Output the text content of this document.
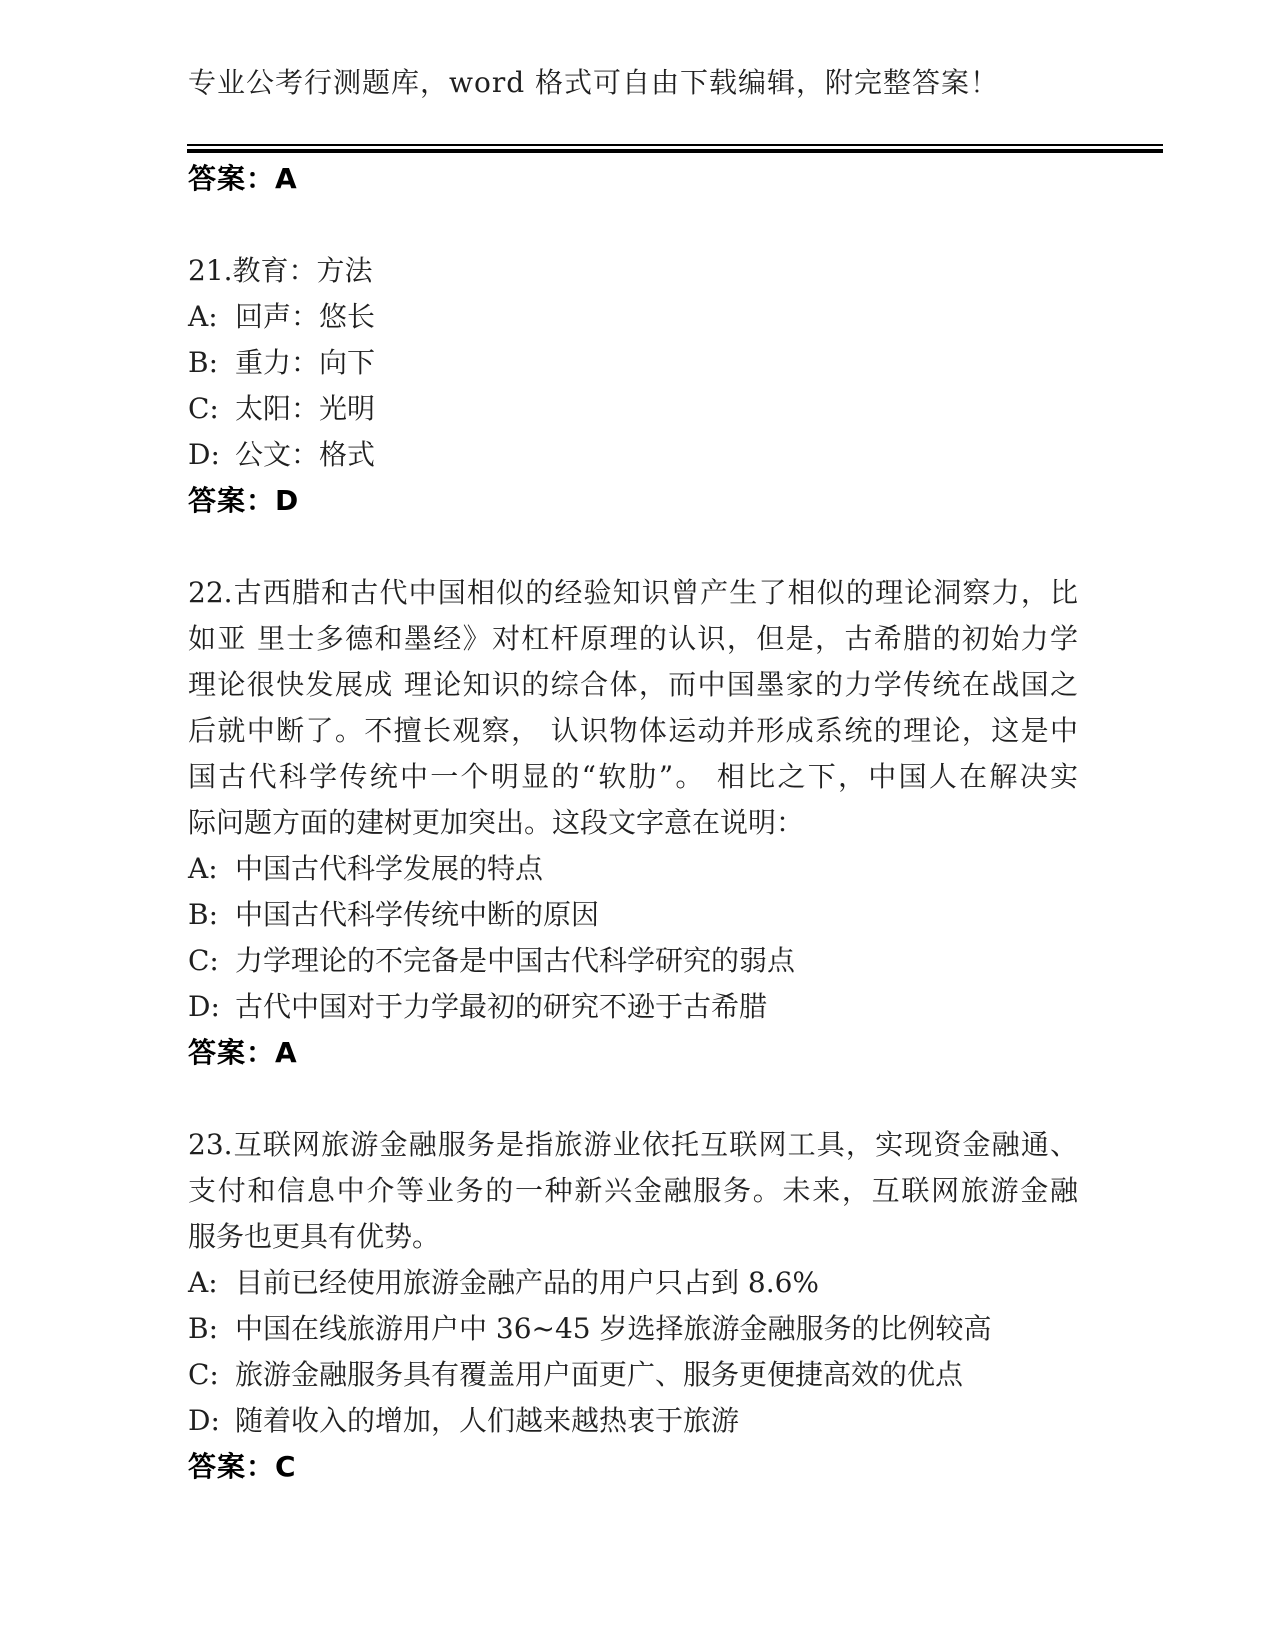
专业公考行测题库，word 格式可自由下载编辑，附完整答案！
答案：A
21.教育：方法
A: 回声：悠长
B: 重力：向下
C: 太阳：光明
D: 公文：格式
答案：D
22.古西腊和古代中国相似的经验知识曾产生了相似的理论洞察力，比
如亚 里士多德和墨经》对杠杆原理的认识，但是，古希腊的初始力学
理论很快发展成 理论知识的综合体，而中国墨家的力学传统在战国之
后就中断了。不擅长观察， 认识物体运动并形成系统的理论，这是中
国古代科学传统中一个明显的“软肋”。 相比之下，中国人在解决实
际问题方面的建树更加突出。这段文字意在说明：
A: 中国古代科学发展的特点
B: 中国古代科学传统中断的原因
C: 力学理论的不完备是中国古代科学研究的弱点
D: 古代中国对于力学最初的研究不逊于古希腊
答案：A
23.互联网旅游金融服务是指旅游业依托互联网工具，实现资金融通、
支付和信息中介等业务的一种新兴金融服务。未来，互联网旅游金融
服务也更具有优势。
A: 目前已经使用旅游金融产品的用户只占到 8.6%
B: 中国在线旅游用户中 36~45 岁选择旅游金融服务的比例较高
C: 旅游金融服务具有覆盖用户面更广、服务更便捷高效的优点
D: 随着收入的增加，人们越来越热衷于旅游
答案：C
